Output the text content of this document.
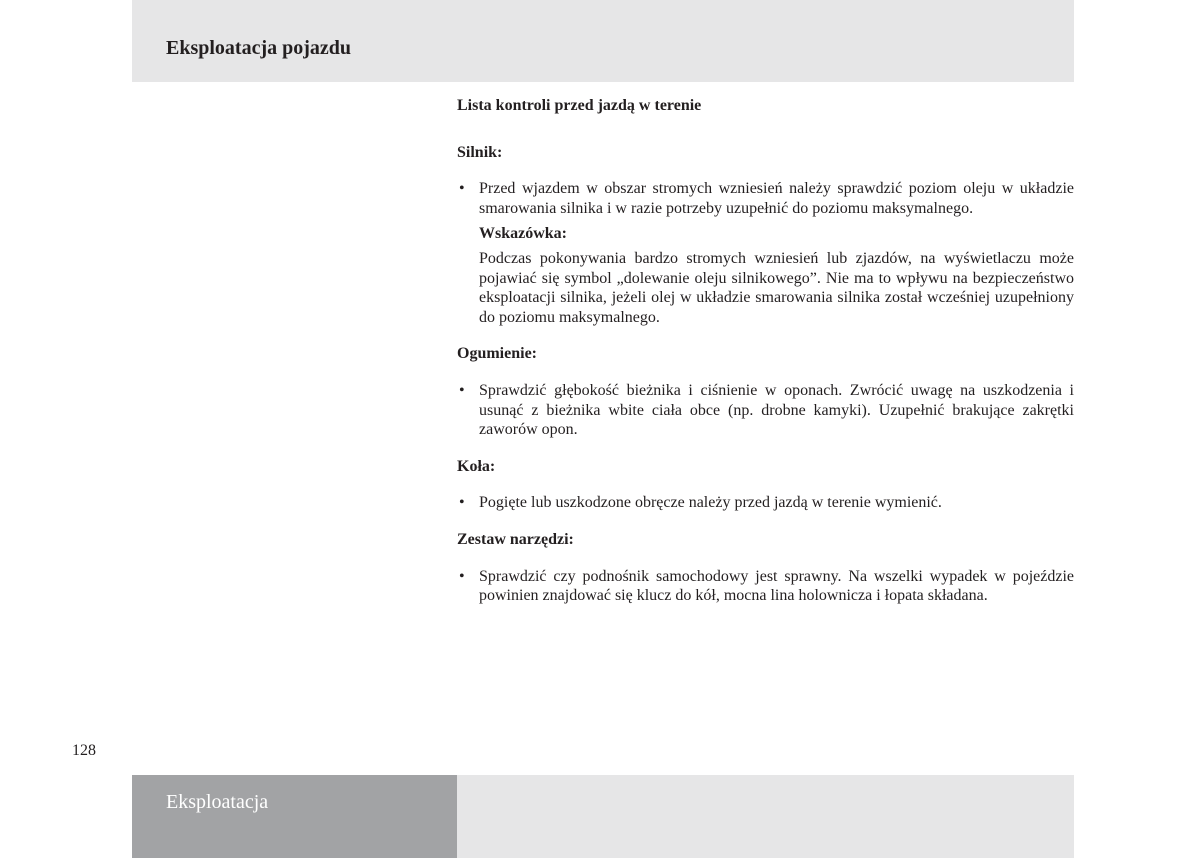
Eksploatacja pojazdu
Lista kontroli przed jazdą w terenie
Silnik:
• Przed wjazdem w obszar stromych wzniesień należy sprawdzić poziom oleju w układzie smarowania silnika i w razie potrzeby uzupełnić do poziomu maksymalnego.
Wskazówka:
Podczas pokonywania bardzo stromych wzniesień lub zjazdów, na wyświetlaczu może pojawiać się symbol „dolewanie oleju silnikowego”. Nie ma to wpływu na bezpieczeństwo eksploatacji silnika, jeżeli olej w układzie smarowania silnika został wcześniej uzupełniony do poziomu maksymalnego.
Ogumienie:
• Sprawdzić głębokość bieżnika i ciśnienie w oponach. Zwrócić uwagę na uszkodzenia i usunąć z bieżnika wbite ciała obce (np. drobne kamyki). Uzupełnić brakujące zakrętki zaworów opon.
Koła:
• Pogięte lub uszkodzone obręcze należy przed jazdą w terenie wymienić.
Zestaw narzędzi:
• Sprawdzić czy podnośnik samochodowy jest sprawny. Na wszelki wypadek w pojeździe powinien znajdować się klucz do kół, mocna lina holownicza i łopata składana.
128
Eksploatacja
